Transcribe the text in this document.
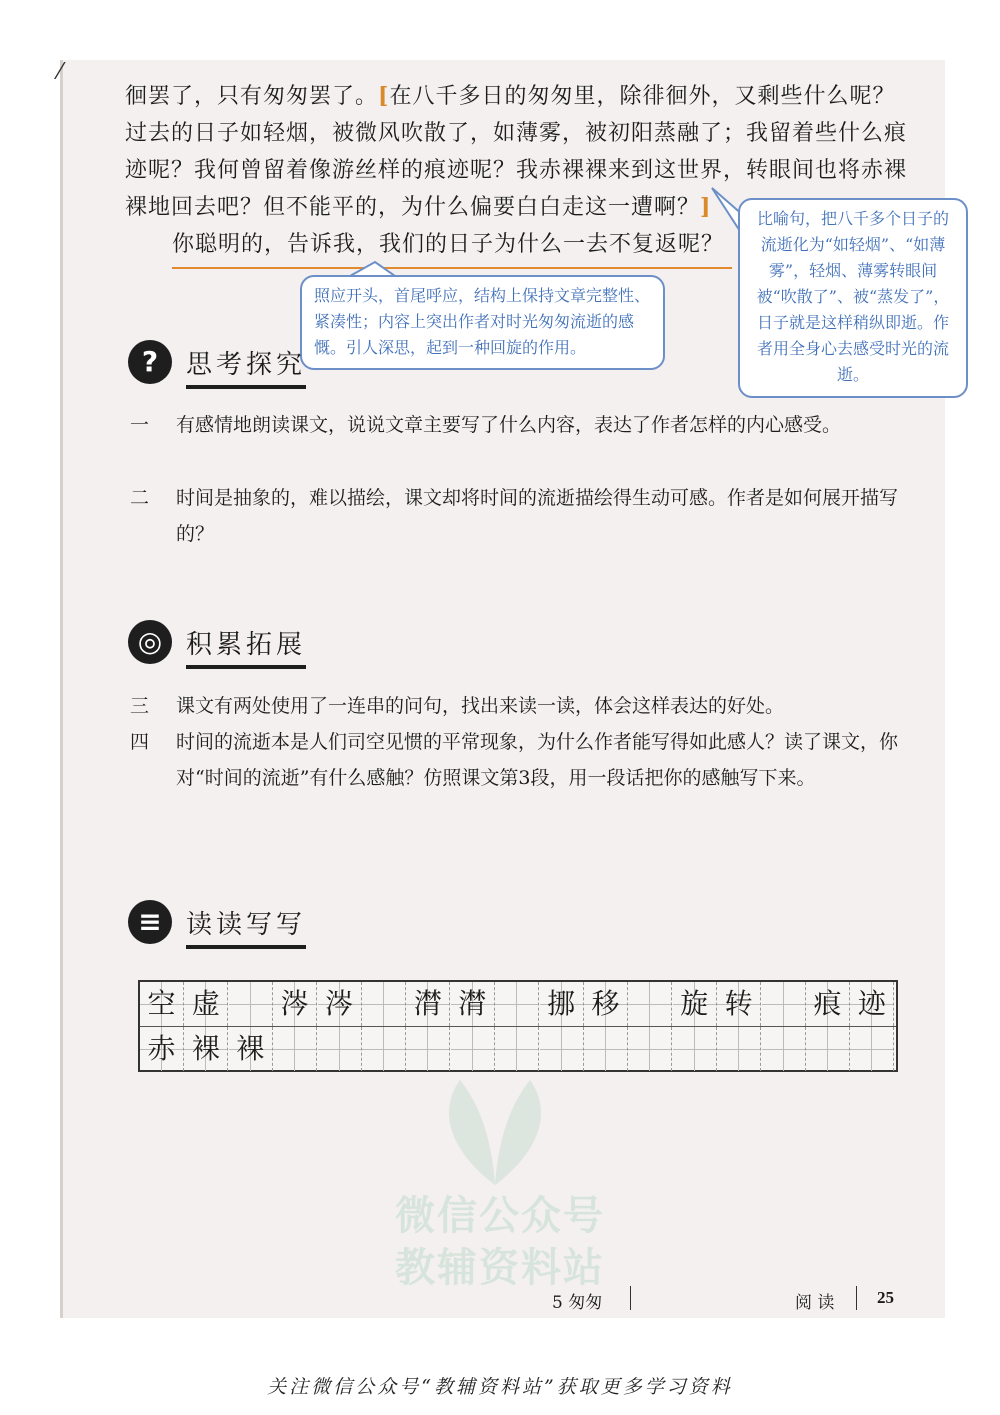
⁄
徊罢了，只有匆匆罢了。[在八千多日的匆匆里，除徘徊外，又剩些什么呢？过去的日子如轻烟，被微风吹散了，如薄雾，被初阳蒸融了；我留着些什么痕迹呢？我何曾留着像游丝样的痕迹呢？我赤裸裸来到这世界，转眼间也将赤裸裸地回去吧？但不能平的，为什么偏要白白走这一遭啊？]
你聪明的，告诉我，我们的日子为什么一去不复返呢？
照应开头，首尾呼应，结构上保持文章完整性、紧凑性；内容上突出作者对时光匆匆流逝的感慨。引人深思，起到一种回旋的作用。
比喻句，把八千多个日子的流逝化为“如轻烟”、“如薄雾”，轻烟、薄雾转眼间被“吹散了”、被“蒸发了”，日子就是这样稍纵即逝。作者用全身心去感受时光的流逝。
?	思考探究
一 有感情地朗读课文，说说文章主要写了什么内容，表达了作者怎样的内心感受。
二 时间是抽象的，难以描绘，课文却将时间的流逝描绘得生动可感。作者是如何展开描写的？
◎ 积累拓展
三 课文有两处使用了一连串的问句，找出来读一读，体会这样表达的好处。
四 时间的流逝本是人们司空见惯的平常现象，为什么作者能写得如此感人？读了课文，你对“时间的流逝”有什么感触？仿照课文第3段，用一段话把你的感触写下来。
≡ 读读写写
空 虚	涔 涔	潸 潸	挪 移	旋 转	痕 迹
赤 裸 裸
微信公众号
教辅资料站
5 匆匆	阅 读	25
关注微信公众号“教辅资料站”获取更多学习资料
